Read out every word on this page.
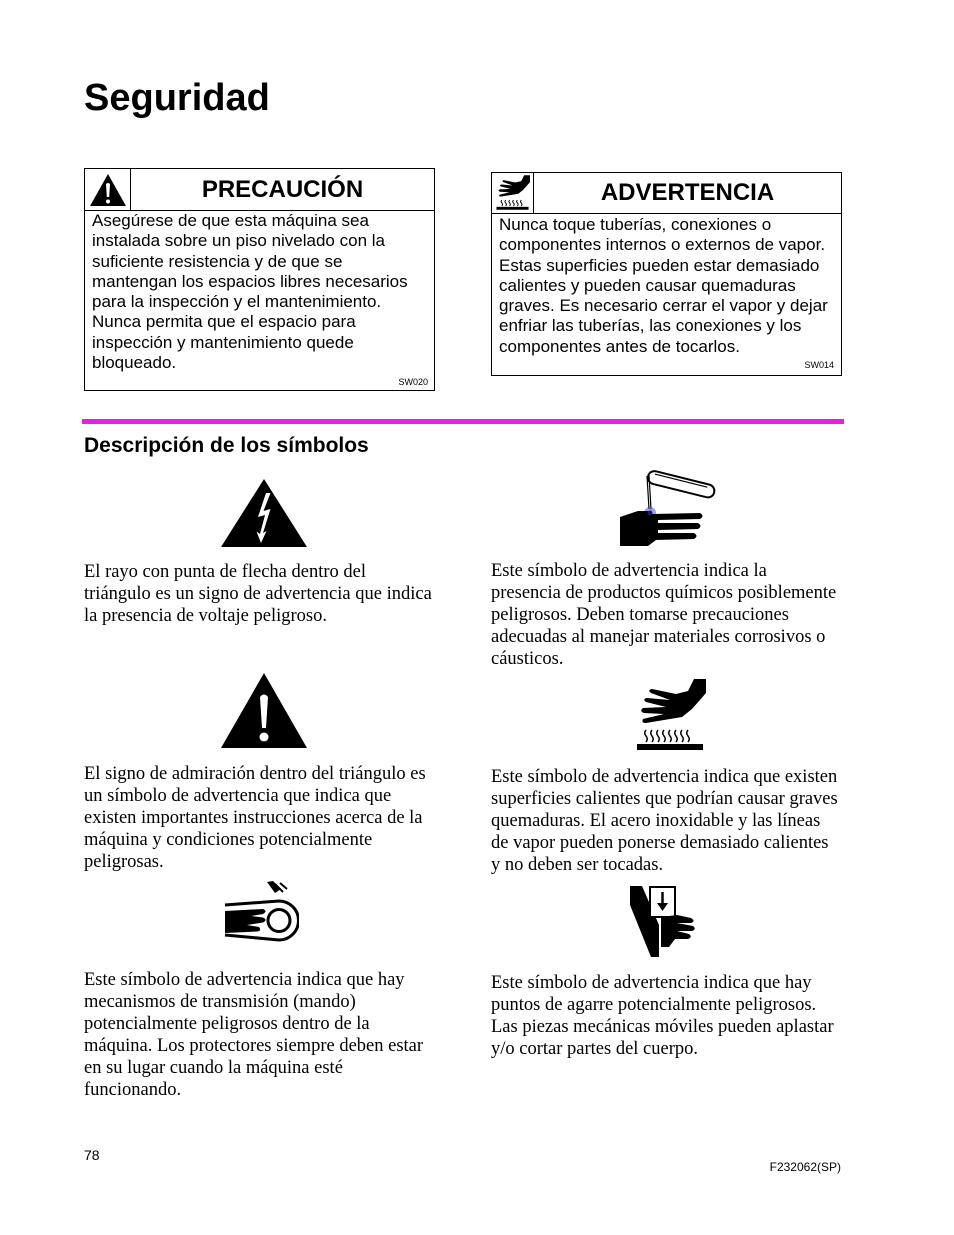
Seguridad
PRECAUCIÓN
Asegúrese de que esta máquina sea
instalada sobre un piso nivelado con la
suficiente resistencia y de que se
mantengan los espacios libres necesarios
para la inspección y el mantenimiento.
Nunca permita que el espacio para
inspección y mantenimiento quede
bloqueado.
SW020
ADVERTENCIA
Nunca toque tuberías, conexiones o
componentes internos o externos de vapor.
Estas superficies pueden estar demasiado
calientes y pueden causar quemaduras
graves. Es necesario cerrar el vapor y dejar
enfriar las tuberías, las conexiones y los
componentes antes de tocarlos.
SW014
Descripción de los símbolos
El rayo con punta de flecha dentro del
triángulo es un signo de advertencia que indica
la presencia de voltaje peligroso.
Este símbolo de advertencia indica la
presencia de productos químicos posiblemente
peligrosos. Deben tomarse precauciones
adecuadas al manejar materiales corrosivos o
cáusticos.
El signo de admiración dentro del triángulo es
un símbolo de advertencia que indica que
existen importantes instrucciones acerca de la
máquina y condiciones potencialmente
peligrosas.
Este símbolo de advertencia indica que existen
superficies calientes que podrían causar graves
quemaduras. El acero inoxidable y las líneas
de vapor pueden ponerse demasiado calientes
y no deben ser tocadas.
Este símbolo de advertencia indica que hay
mecanismos de transmisión (mando)
potencialmente peligrosos dentro de la
máquina. Los protectores siempre deben estar
en su lugar cuando la máquina esté
funcionando.
Este símbolo de advertencia indica que hay
puntos de agarre potencialmente peligrosos.
Las piezas mecánicas móviles pueden aplastar
y/o cortar partes del cuerpo.
78
F232062(SP)
